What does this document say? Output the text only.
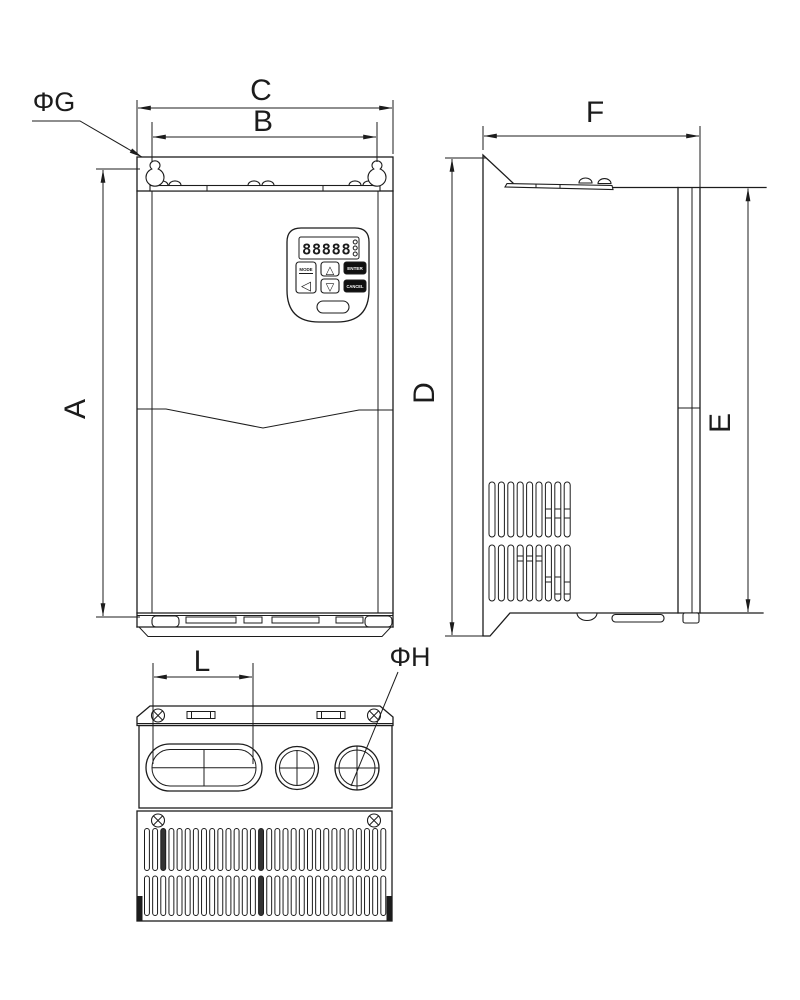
88888
MODE
◁
△
▽
ENTER
CANCEL
C
B
A
ΦG	F
D
E
L	ΦH
